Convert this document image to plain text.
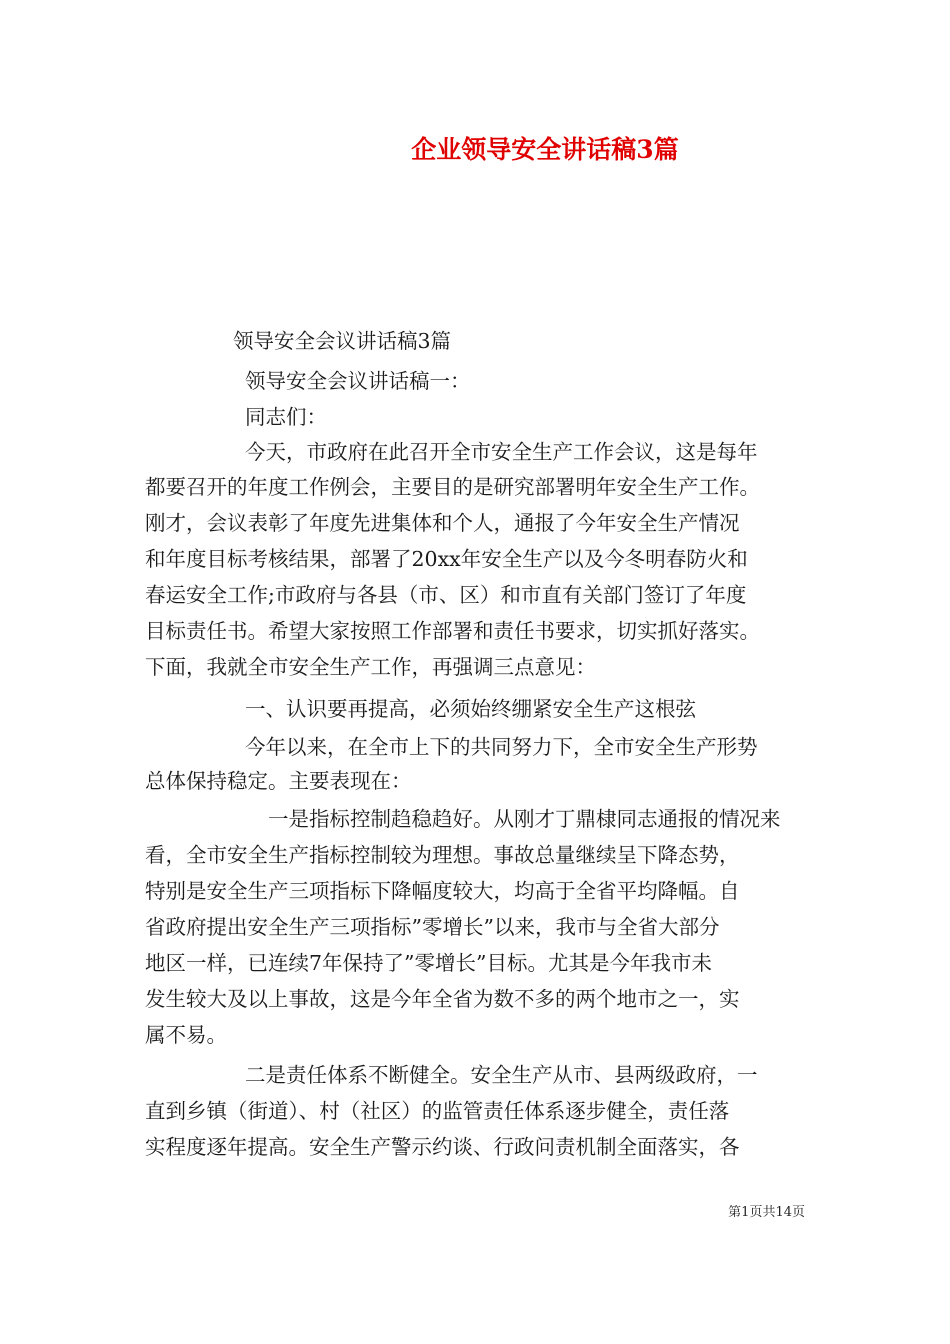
企业领导安全讲话稿3篇
领导安全会议讲话稿3篇
领导安全会议讲话稿一：
同志们：
今天，市政府在此召开全市安全生产工作会议，这是每年
都要召开的年度工作例会，主要目的是研究部署明年安全生产工作。
刚才，会议表彰了年度先进集体和个人，通报了今年安全生产情况
和年度目标考核结果，部署了20xx年安全生产以及今冬明春防火和
春运安全工作;市政府与各县（市、区）和市直有关部门签订了年度
目标责任书。希望大家按照工作部署和责任书要求，切实抓好落实。
下面，我就全市安全生产工作，再强调三点意见：
一、认识要再提高，必须始终绷紧安全生产这根弦
今年以来，在全市上下的共同努力下，全市安全生产形势
总体保持稳定。主要表现在：
一是指标控制趋稳趋好。从刚才丁鼎棣同志通报的情况来
看，全市安全生产指标控制较为理想。事故总量继续呈下降态势，
特别是安全生产三项指标下降幅度较大，均高于全省平均降幅。自
省政府提出安全生产三项指标”零增长”以来，我市与全省大部分
地区一样，已连续7年保持了”零增长”目标。尤其是今年我市未
发生较大及以上事故，这是今年全省为数不多的两个地市之一，实
属不易。
二是责任体系不断健全。安全生产从市、县两级政府，一
直到乡镇（街道）、村（社区）的监管责任体系逐步健全，责任落
实程度逐年提高。安全生产警示约谈、行政问责机制全面落实，各
第1页共14页
